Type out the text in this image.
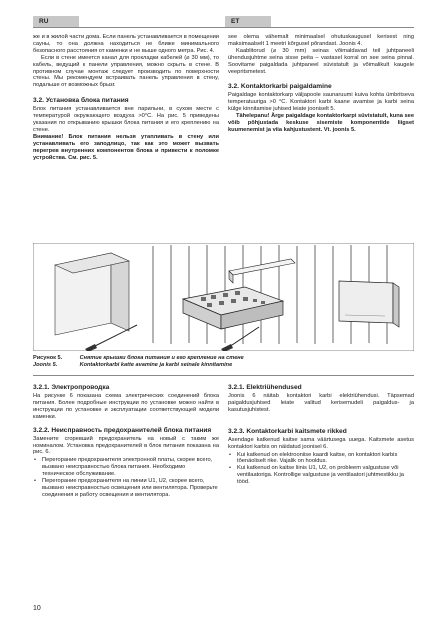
RU	ET

же и в жилой части дома. Если панель устанавливается в помещении сауны, то она должна находиться не ближе минимального безопасного расстояния от каменки и не выше одного метра. Рис. 4.

Если в стене имеется канал для прокладки кабелей (⌀ 30 мм), то кабель, ведущий к панели управления, можно скрыть в стене. В противном случае монтаж следует производить по поверхности стены. Мы рекомендуем встраивать панель управления в стену, подальше от возможных брызг.

3.2. Установка блока питания

Блок питания устанавливается вне парильни, в сухом месте с температурой окружающего воздуха >0°C. На рис. 5 приведены указания по открыванию крышки блока питания и его креплению на стене.

Внимание! Блок питания нельзя утапливать в стену или устанавливать его заподлицо, так как это может вызвать перегрев внутренних компонентов блока и привести к поломке устройства. См. рис. 5.

see olema vähemalt minimaalsel ohutuskaugusel kerisest ning maksimaalselt 1 meetri kõrgusel põrandast. Joonis 4.

Kaablitorud (⌀ 30 mm) seinas võimaldavad teil juhtpaneeli ühendusjuhtme seina sisse peita – vastasel korral on see seina pinnal. Soovitame paigaldada juhtpaneel süvistatult ja võimalikult kaugele veepritsmetest.

3.2. Kontaktorkarbi paigaldamine

Paigaldage kontaktorkarp väljapoole saunaruumi kuiva kohta ümbritseva temperatuuriga >0 °C. Kontaktori karbi kaane avamise ja karbi seina külge kinnitamise juhised leiate jooniselt 5.

Tähelepanu! Ärge paigaldage kontaktorkarpi süvistatult, kuna see võib põhjustada keskuse sisemiste komponentide liigset kuumenemist ja viia kahjustustent. Vt. joonis 5.

Рисунок 5.	Снятие крышки блока питания и его крепление на стене
Joonis 5.	Kontaktorkarbi katte avamine ja karbi seinale kinnitamine
3.2.1. Электропроводка

На рисунке 6 показана схема электрических соединений блока питания. Более подробные инструкции по установке можно найти в инструкции по установке и эксплуатации соответствующей модели каменки.

3.2.2. Неисправность предохранителей блока питания

Замените сгоревший предохранитель на новый с таким же номиналом. Установка предохранителей в блок питания показана на рис. 6.

• Перегорание предохранителя электронной платы, скорее всего, вызвано неисправностью блока питания. Необходимо техническое обслуживание.
• Перегорание предохранителя на линии U1, U2, скорее всего, вызвано неисправностью освещения или вентилятора. Проверьте соединения и работу освещения и вентилятора.
3.2.1. Elektriühendused

Joonis 6 näitab kontaktori karbi elektriühendusi. Täpsemad paigaldusjuhised leiate valitud kerisemudeli paigaldus- ja kasutusjuhistest.

3.2.3. Kontaktorkarbi kaitsmete rikked

Asendage katkenud kaitse sama väärtusega uuega. Kaitsmete asetus kontaktori karbis on näidatud joonisel 6.

• Kui katkenud on elektrooniise kaardi kaitse, on kontaktori karbis tõenäoliselt rike. Vajalik on hooldus.
• Kui katkenud on kaitse liinis U1, U2, on probleem valgustuse või ventilaatoriga. Kontrollige valgustuse ja ventilaatori juhtmestikku ja tööd.
10
